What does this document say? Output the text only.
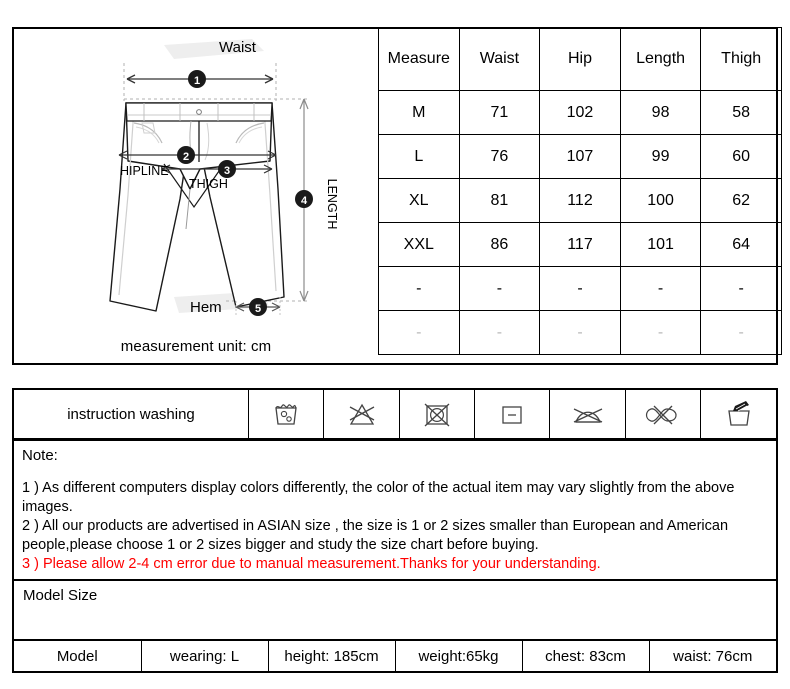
Waist
HIPLINE
THIGH	LENGTH
Hem
1
2
3
4
5
measurement unit: cm
Measure	Waist	Hip	Length	Thigh
M	71	102	98	58
L	76	107	99	60
XL	81	112	100	62
XXL	86	117	101	64
-	-	-	-	-
-	-	-	-	-
instruction washing	

Note:

1 ) As different computers display colors differently, the color of the actual item may vary slightly from the above images.

2 ) All our products are advertised in ASIAN size , the size is 1 or 2 sizes smaller than European and American people,please choose 1 or 2 sizes bigger and study the size chart before buying.

3 ) Please allow 2-4 cm error due to manual measurement.Thanks for your understanding.

Model Size
Model	wearing: L	height: 185cm	weight:65kg	chest: 83cm	waist: 76cm
